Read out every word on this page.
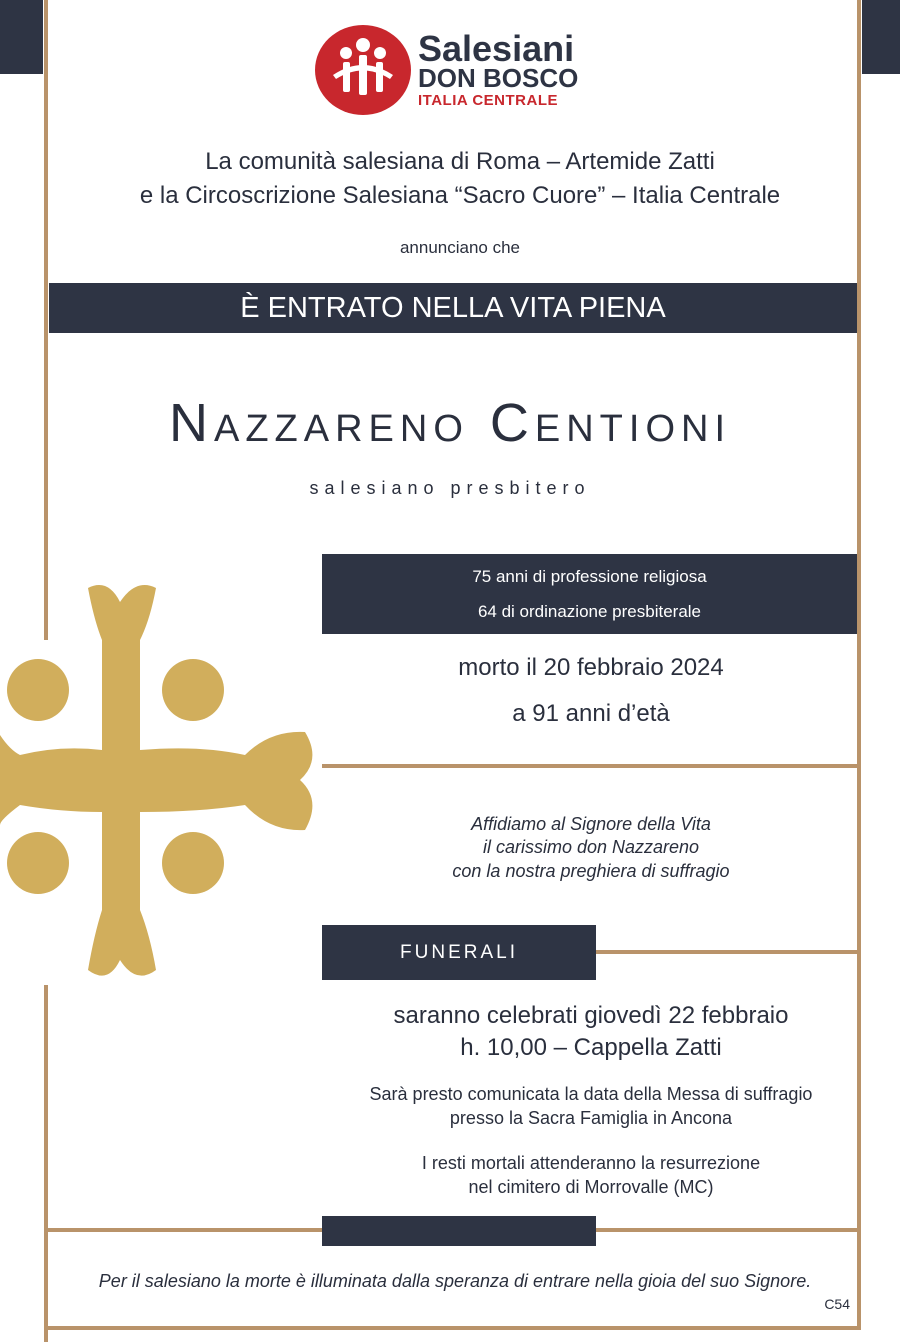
Salesiani
DON BOSCO
ITALIA CENTRALE
La comunità salesiana di Roma – Artemide Zatti
e la Circoscrizione Salesiana “Sacro Cuore” – Italia Centrale
annunciano che
È ENTRATO NELLA VITA PIENA
Nazzareno Centioni
salesiano presbitero
75 anni di professione religiosa
64 di ordinazione presbiterale
morto il 20 febbraio 2024
a 91 anni d’età
Affidiamo al Signore della Vita
il carissimo don Nazzareno
con la nostra preghiera di suffragio
FUNERALI
saranno celebrati giovedì 22 febbraio
h. 10,00 – Cappella Zatti
Sarà presto comunicata la data della Messa di suffragio
presso la Sacra Famiglia in Ancona
I resti mortali attenderanno la resurrezione
nel cimitero di Morrovalle (MC)
Per il salesiano la morte è illuminata dalla speranza di entrare nella gioia del suo Signore.
C54
